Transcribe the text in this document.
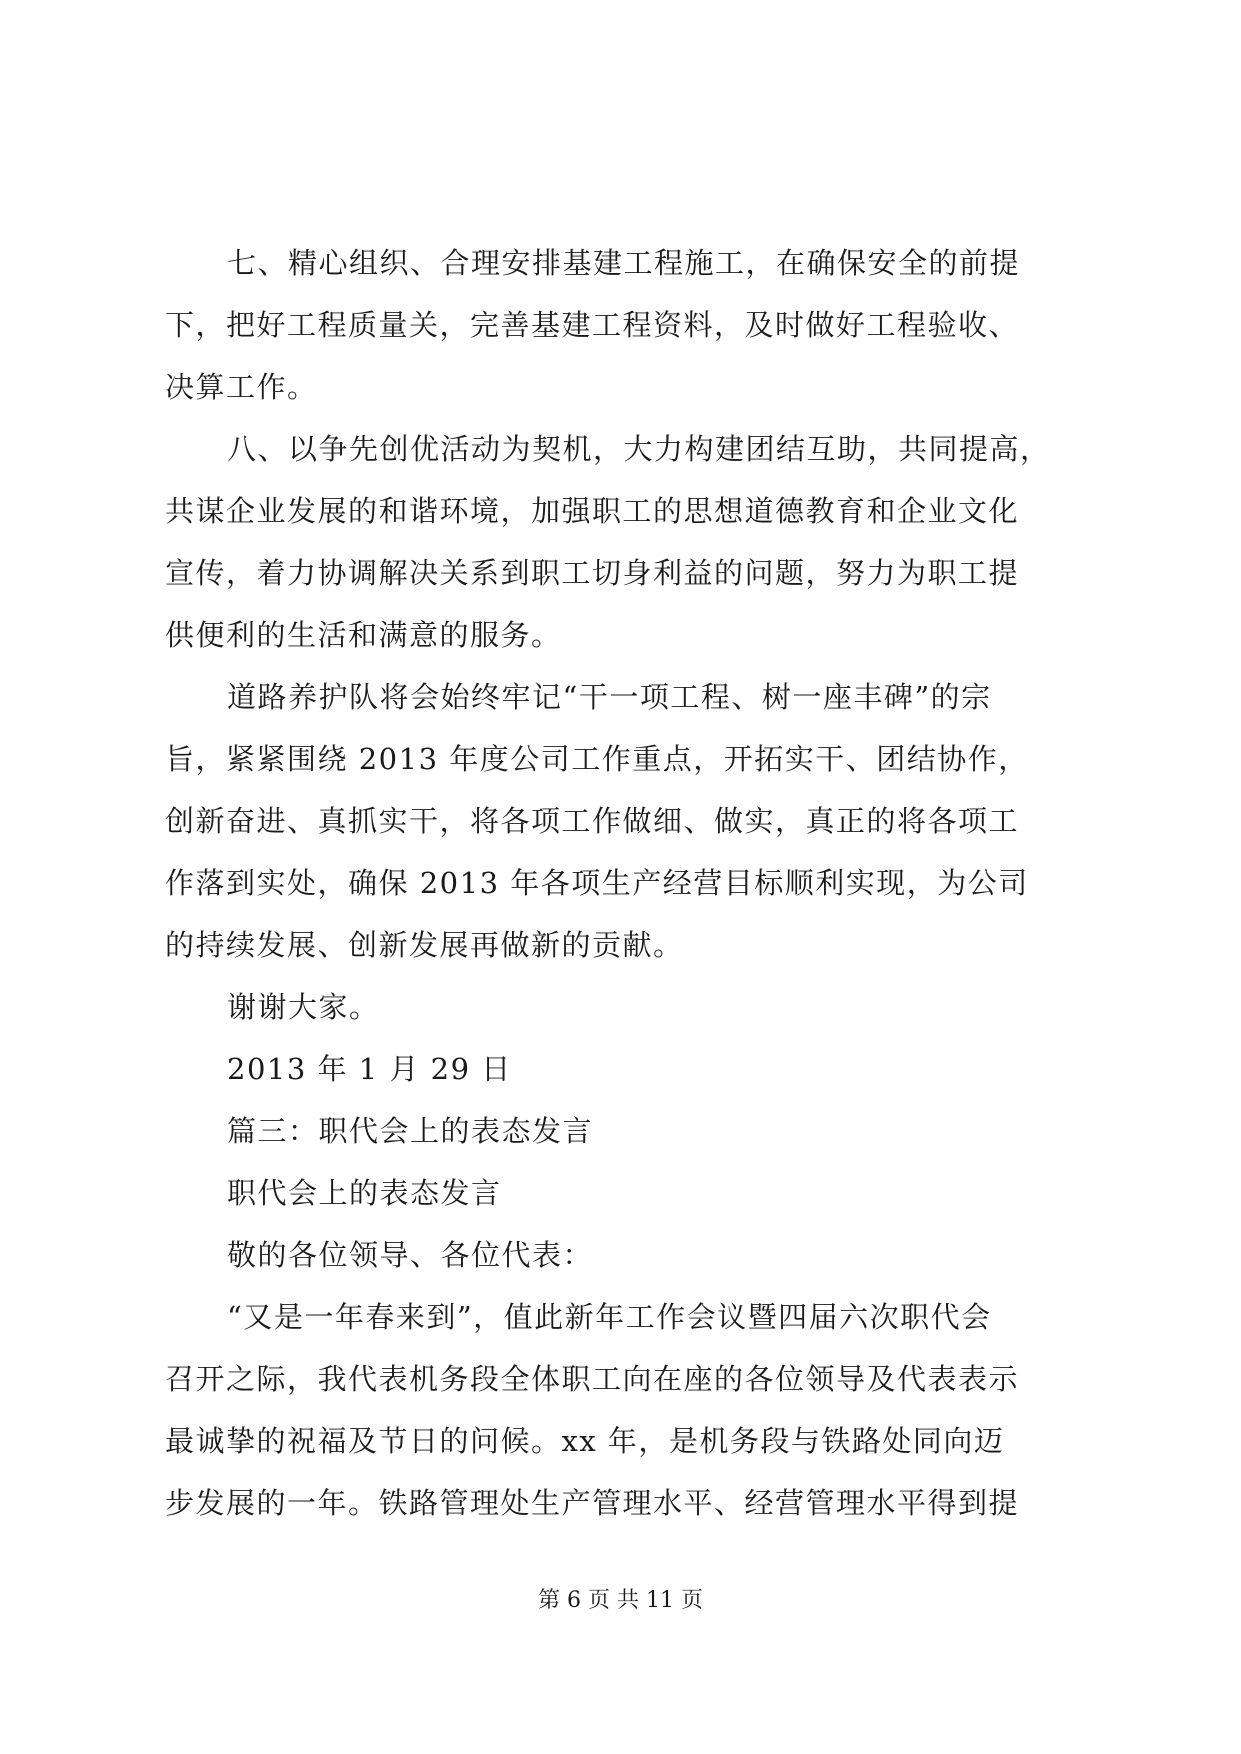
七、精心组织、合理安排基建工程施工，在确保安全的前提
下，把好工程质量关，完善基建工程资料，及时做好工程验收、
决算工作。
八、以争先创优活动为契机，大力构建团结互助，共同提高，
共谋企业发展的和谐环境，加强职工的思想道德教育和企业文化
宣传，着力协调解决关系到职工切身利益的问题，努力为职工提
供便利的生活和满意的服务。
道路养护队将会始终牢记“干一项工程、树一座丰碑”的宗
旨，紧紧围绕 2013 年度公司工作重点，开拓实干、团结协作，
创新奋进、真抓实干，将各项工作做细、做实，真正的将各项工
作落到实处，确保 2013 年各项生产经营目标顺利实现，为公司
的持续发展、创新发展再做新的贡献。
谢谢大家。
2013 年 1 月 29 日
篇三：职代会上的表态发言
职代会上的表态发言
敬的各位领导、各位代表：
“又是一年春来到”，值此新年工作会议暨四届六次职代会
召开之际，我代表机务段全体职工向在座的各位领导及代表表示
最诚挚的祝福及节日的问候。xx 年，是机务段与铁路处同向迈
步发展的一年。铁路管理处生产管理水平、经营管理水平得到提
第 6 页 共 11 页
